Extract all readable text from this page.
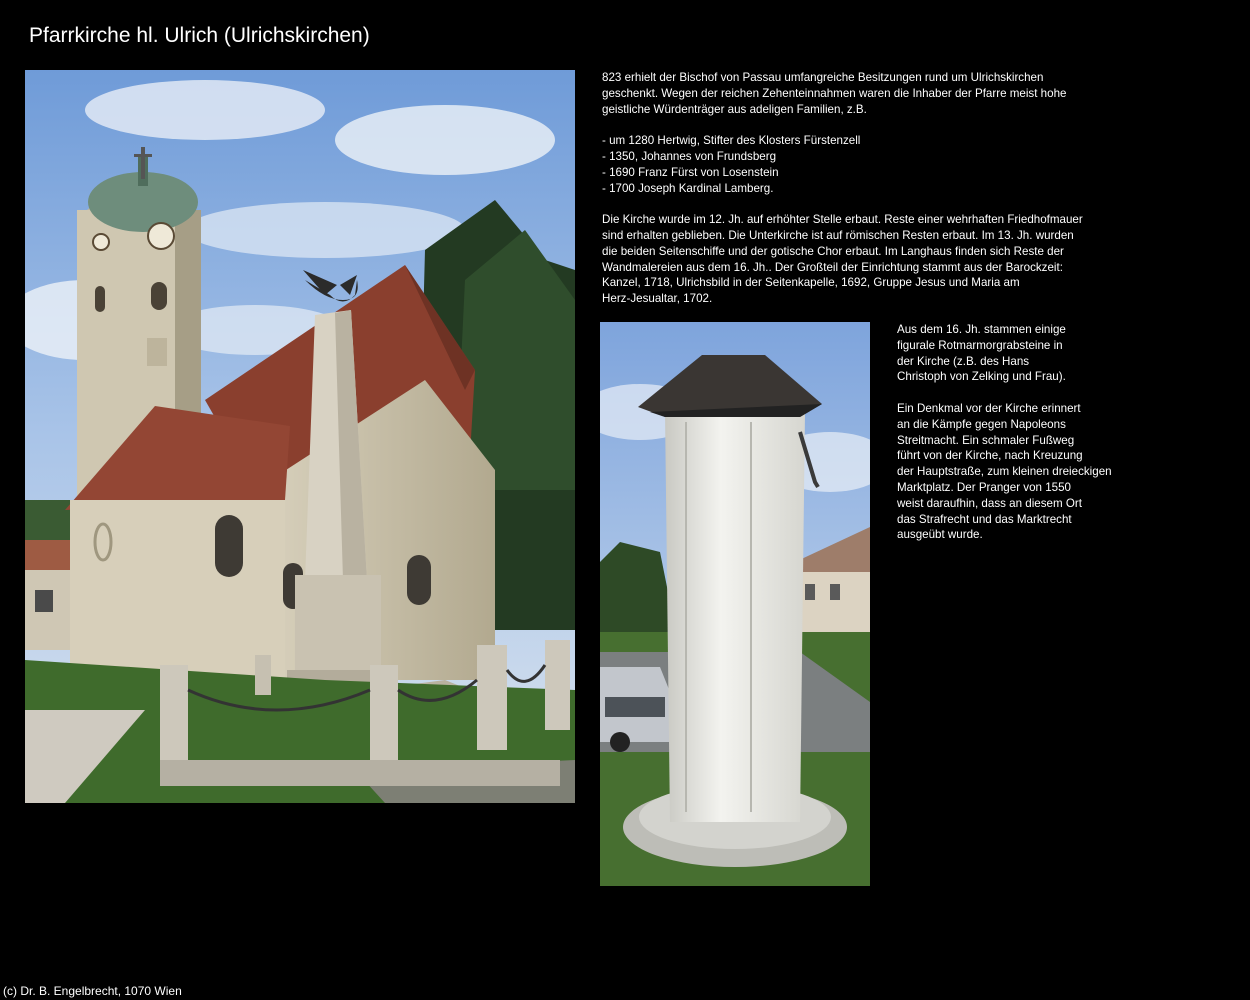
Pfarrkirche hl. Ulrich (Ulrichskirchen)

823 erhielt der Bischof von Passau umfangreiche Besitzungen rund um Ulrichskirchen
geschenkt. Wegen der reichen Zehenteinnahmen waren die Inhaber der Pfarre meist hohe
geistliche Würdenträger aus adeligen Familien, z.B.

- um 1280 Hertwig, Stifter des Klosters Fürstenzell
- 1350, Johannes von Frundsberg
- 1690 Franz Fürst von Losenstein
- 1700 Joseph Kardinal Lamberg.

Die Kirche wurde im 12. Jh. auf erhöhter Stelle erbaut. Reste einer wehrhaften Friedhofmauer
sind erhalten geblieben. Die Unterkirche ist auf römischen Resten erbaut. Im 13. Jh. wurden
die beiden Seitenschiffe und der gotische Chor erbaut. Im Langhaus finden sich Reste der
Wandmalereien aus dem 16. Jh.. Der Großteil der Einrichtung stammt aus der Barockzeit:
Kanzel, 1718, Ulrichsbild in der Seitenkapelle, 1692, Gruppe Jesus und Maria am
Herz-Jesualtar, 1702.

Aus dem 16. Jh. stammen einige
figurale Rotmarmorgrabsteine in
der Kirche (z.B. des Hans
Christoph von Zelking und Frau).

Ein Denkmal vor der Kirche erinnert
an die Kämpfe gegen Napoleons
Streitmacht. Ein schmaler Fußweg
führt von der Kirche, nach Kreuzung
der Hauptstraße, zum kleinen dreieckigen
Marktplatz. Der Pranger von 1550
weist daraufhin, dass an diesem Ort
das Strafrecht und das Marktrecht
ausgeübt wurde.

(c) Dr. B. Engelbrecht, 1070 Wien
